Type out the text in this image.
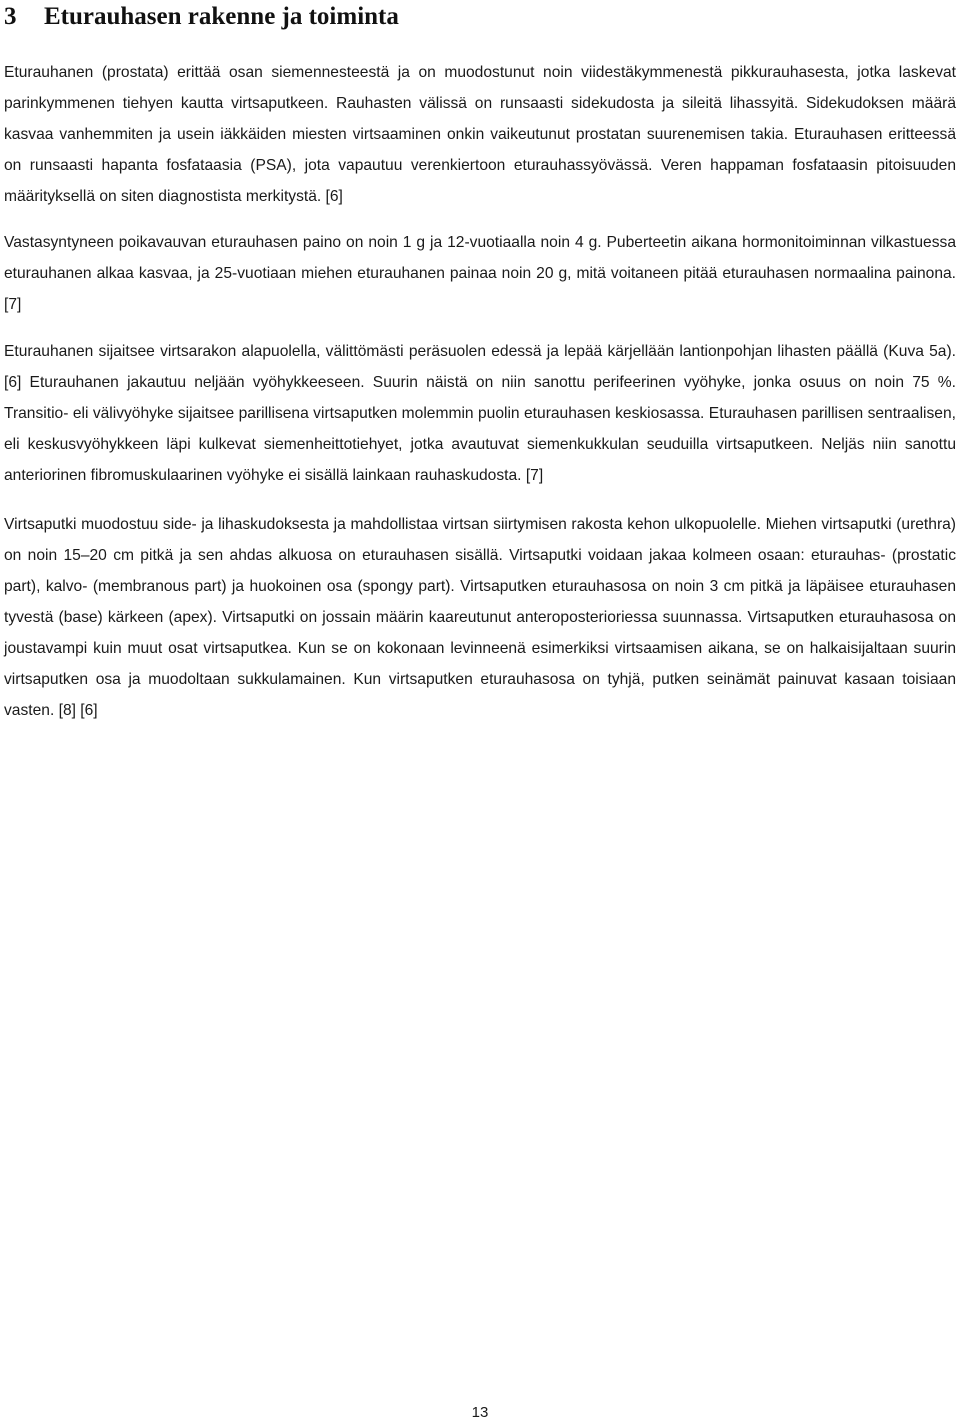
3 Eturauhasen rakenne ja toiminta

Eturauhanen (prostata) erittää osan siemennesteestä ja on muodostunut noin viidestäkymmenestä pikkurauhasesta, jotka laskevat parinkymmenen tiehyen kautta virtsaputkeen. Rauhasten välissä on runsaasti sidekudosta ja sileitä lihassyitä. Sidekudoksen määrä kasvaa vanhemmiten ja usein iäkkäiden miesten virtsaaminen onkin vaikeutunut prostatan suurenemisen takia. Eturauhasen eritteessä on runsaasti hapanta fosfataasia (PSA), jota vapautuu verenkiertoon eturauhassyövässä. Veren happaman fosfataasin pitoisuuden määrityksellä on siten diagnostista merkitystä. [6]

Vastasyntyneen poikavauvan eturauhasen paino on noin 1 g ja 12-vuotiaalla noin 4 g. Puberteetin aikana hormonitoiminnan vilkastuessa eturauhanen alkaa kasvaa, ja 25-vuotiaan miehen eturauhanen painaa noin 20 g, mitä voitaneen pitää eturauhasen normaalina painona. [7]

Eturauhanen sijaitsee virtsarakon alapuolella, välittömästi peräsuolen edessä ja lepää kärjellään lantionpohjan lihasten päällä (Kuva 5a). [6] Eturauhanen jakautuu neljään vyöhykkeeseen. Suurin näistä on niin sanottu perifeerinen vyöhyke, jonka osuus on noin 75 %. Transitio- eli välivyöhyke sijaitsee parillisena virtsaputken molemmin puolin eturauhasen keskiosassa. Eturauhasen parillisen sentraalisen, eli keskusvyöhykkeen läpi kulkevat siemenheittotiehyet, jotka avautuvat siemenkukkulan seuduilla virtsaputkeen. Neljäs niin sanottu anteriorinen fibromuskulaarinen vyöhyke ei sisällä lainkaan rauhaskudosta. [7]

Virtsaputki muodostuu side- ja lihaskudoksesta ja mahdollistaa virtsan siirtymisen rakosta kehon ulkopuolelle. Miehen virtsaputki (urethra) on noin 15–20 cm pitkä ja sen ahdas alkuosa on eturauhasen sisällä. Virtsaputki voidaan jakaa kolmeen osaan: eturauhas- (prostatic part), kalvo- (membranous part) ja huokoinen osa (spongy part). Virtsaputken eturauhasosa on noin 3 cm pitkä ja läpäisee eturauhasen tyvestä (base) kärkeen (apex). Virtsaputki on jossain määrin kaareutunut anteroposterioriessa suunnassa. Virtsaputken eturauhasosa on joustavampi kuin muut osat virtsaputkea. Kun se on kokonaan levinneenä esimerkiksi virtsaamisen aikana, se on halkaisijaltaan suurin virtsaputken osa ja muodoltaan sukkulamainen. Kun virtsaputken eturauhasosa on tyhjä, putken seinämät painuvat kasaan toisiaan vasten. [8] [6]

13
